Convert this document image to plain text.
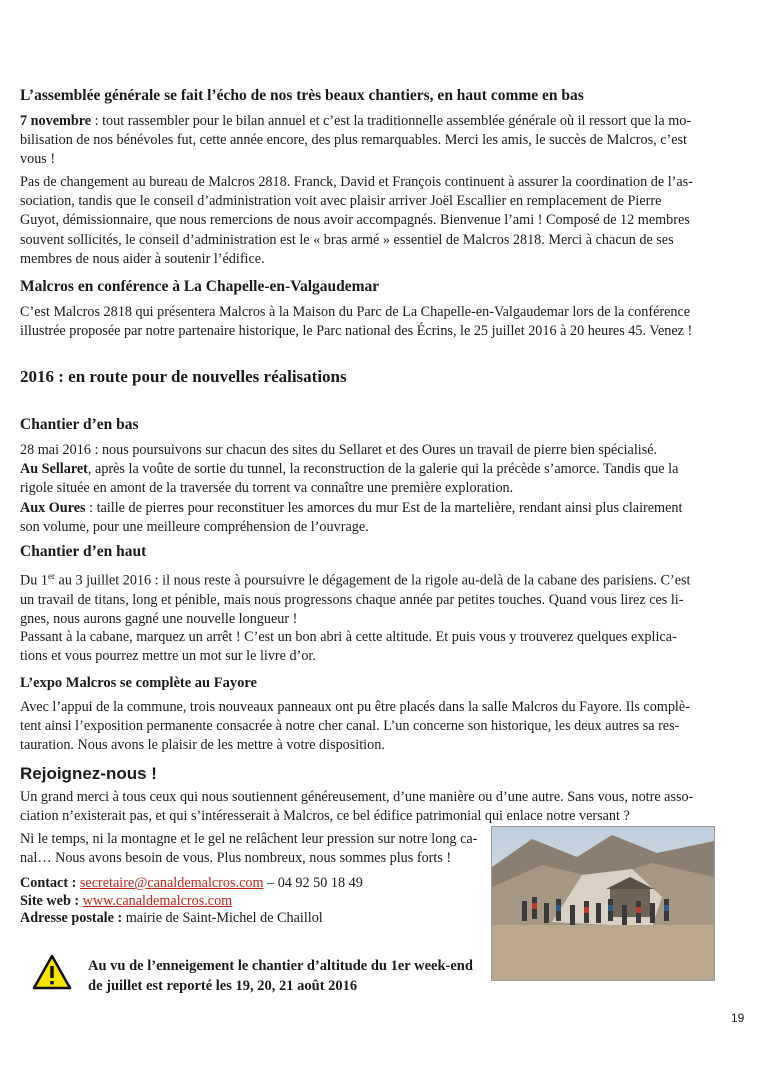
L’assemblée générale se fait l’écho de nos très beaux chantiers, en haut comme en bas

7 novembre : tout rassembler pour le bilan annuel et c’est la traditionnelle assemblée générale où il ressort que la mo-
bilisation de nos bénévoles fut, cette année encore, des plus remarquables. Merci les amis, le succès de Malcros, c’est
vous !

Pas de changement au bureau de Malcros 2818. Franck, David et François continuent à assurer la coordination de l’as-
sociation, tandis que le conseil d’administration voit avec plaisir arriver Joël Escallier en remplacement de Pierre
Guyot, démissionnaire, que nous remercions de nous avoir accompagnés. Bienvenue l’ami ! Composé de 12 membres
souvent sollicités, le conseil d’administration est le « bras armé » essentiel de Malcros 2818. Merci à chacun de ses
membres de nous aider à soutenir l’édifice.

Malcros en conférence à La Chapelle-en-Valgaudemar

C’est Malcros 2818 qui présentera Malcros à la Maison du Parc de La Chapelle-en-Valgaudemar lors de la conférence
illustrée proposée par notre partenaire historique, le Parc national des Écrins, le 25 juillet 2016 à 20 heures 45. Venez !

2016 : en route pour de nouvelles réalisations
Chantier d’en bas

28 mai 2016 : nous poursuivons sur chacun des sites du Sellaret et des Oures un travail de pierre bien spécialisé.
Au Sellaret, après la voûte de sortie du tunnel, la reconstruction de la galerie qui la précède s’amorce. Tandis que la
rigole située en amont de la traversée du torrent va connaître une première exploration.
Aux Oures : taille de pierres pour reconstituer les amorces du mur Est de la martelière, rendant ainsi plus clairement
son volume, pour une meilleure compréhension de l’ouvrage.

Chantier d’en haut

Du 1er au 3 juillet 2016 : il nous reste à poursuivre le dégagement de la rigole au-delà de la cabane des parisiens. C’est
un travail de titans, long et pénible, mais nous progressons chaque année par petites touches. Quand vous lirez ces li-
gnes, nous aurons gagné une nouvelle longueur !

Passant à la cabane, marquez un arrêt ! C’est un bon abri à cette altitude. Et puis vous y trouverez quelques explica-
tions et vous pourrez mettre un mot sur le livre d’or.

L’expo Malcros se complète au Fayore

Avec l’appui de la commune, trois nouveaux panneaux ont pu être placés dans la salle Malcros du Fayore. Ils complè-
tent ainsi l’exposition permanente consacrée à notre cher canal. L’un concerne son historique, les deux autres sa res-
tauration. Nous avons le plaisir de les mettre à votre disposition.

Rejoignez-nous !

Un grand merci à tous ceux qui nous soutiennent généreusement, d’une manière ou d’une autre. Sans vous, notre asso-
ciation n’existerait pas, et qui s’intéresserait à Malcros, ce bel édifice patrimonial qui enlace notre versant ?

Ni le temps, ni la montagne et le gel ne relâchent leur pression sur notre long ca-
nal… Nous avons besoin de vous. Plus nombreux, nous sommes plus forts !

Contact : secretaire@canaldemalcros.com – 04 92 50 18 49
Site web : www.canaldemalcros.com
Adresse postale : mairie de Saint-Michel de Chaillol

Au vu de l’enneigement le chantier d’altitude du 1er week-end
de juillet est reporté les 19, 20, 21 août 2016

19
